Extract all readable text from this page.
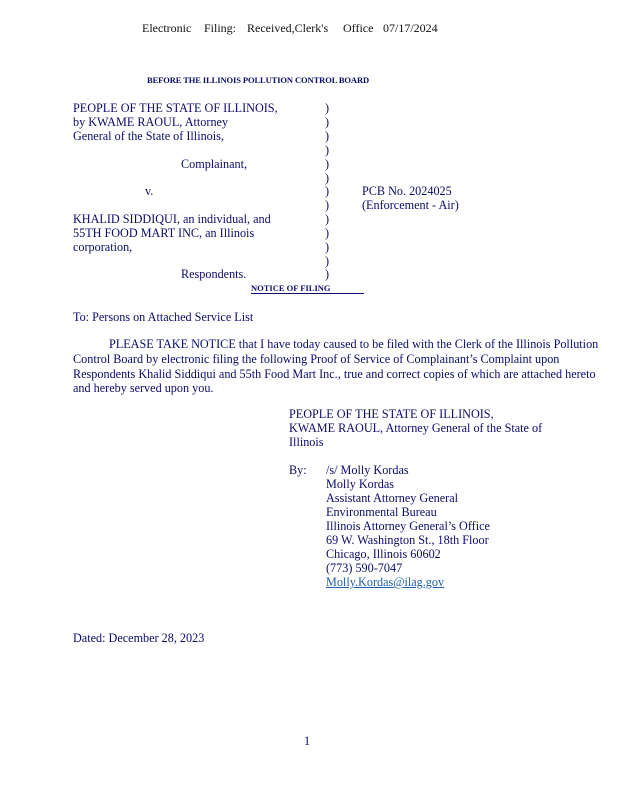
Electronic Filing: Received,Clerk's Office 07/17/2024
BEFORE THE ILLINOIS POLLUTION CONTROL BOARD
PEOPLE OF THE STATE OF ILLINOIS,
by KWAME RAOUL, Attorney
General of the State of Illinois,
Complainant,
v.
KHALID SIDDIQUI, an individual, and
55TH FOOD MART INC, an Illinois
corporation,
Respondents.
)
)
)
)
)
)
)
)
)
)
)
)
)
PCB No. 2024025
(Enforcement - Air)
NOTICE OF FILING
To: Persons on Attached Service List
PLEASE TAKE NOTICE that I have today caused to be filed with the Clerk of the Illinois Pollution Control Board by electronic filing the following Proof of Service of Complainant’s Complaint upon Respondents Khalid Siddiqui and 55th Food Mart Inc., true and correct copies of which are attached hereto and hereby served upon you.
PEOPLE OF THE STATE OF ILLINOIS,
KWAME RAOUL, Attorney General of the State of
Illinois
By: /s/ Molly Kordas
Molly Kordas
Assistant Attorney General
Environmental Bureau
Illinois Attorney General’s Office
69 W. Washington St., 18th Floor
Chicago, Illinois 60602
(773) 590-7047
Molly.Kordas@ilag.gov
Dated: December 28, 2023
1
